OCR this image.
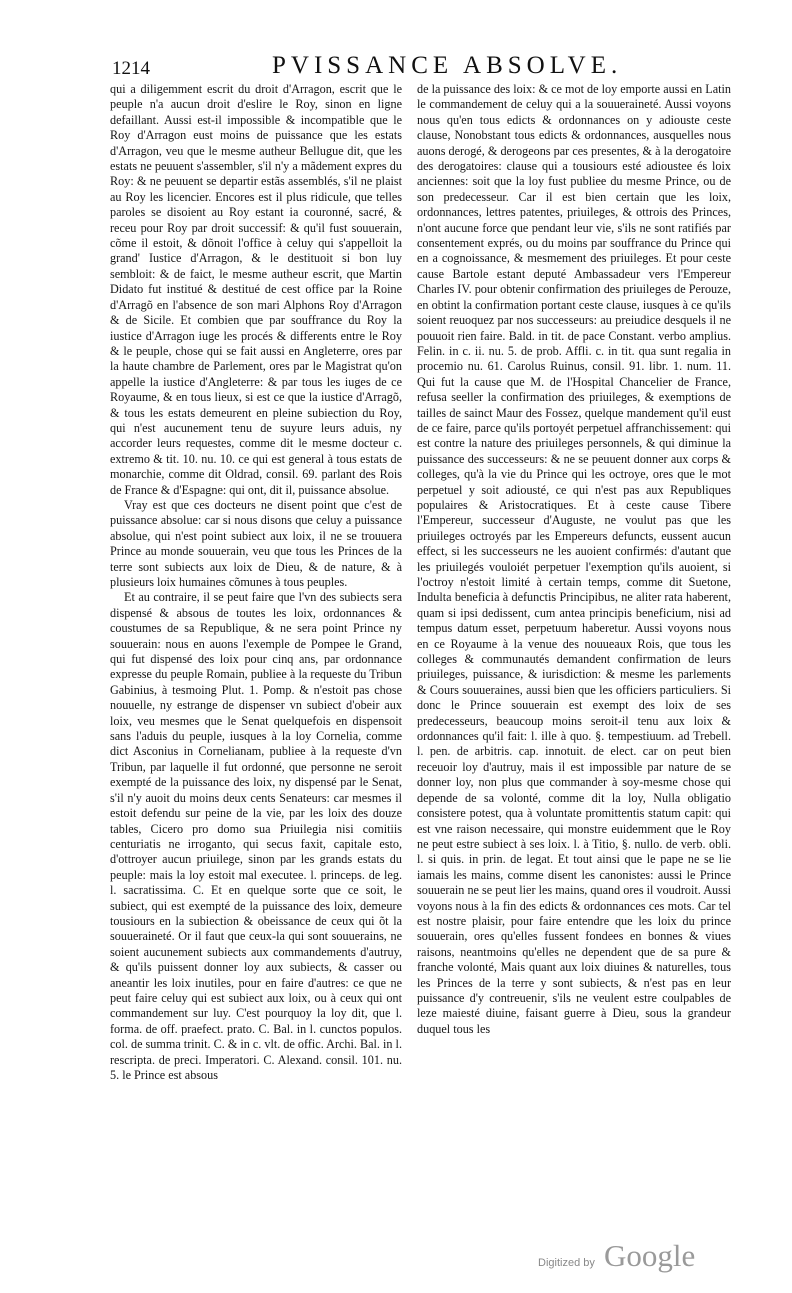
1214	PVISSANCE ABSOLVE.

qui a diligemment escrit du droit d'Arragon, escrit que le peuple n'a aucun droit d'eslire le Roy, sinon en ligne defaillant. Aussi est-il impossible & incompatible que le Roy d'Arragon eust moins de puissance que les estats d'Arragon, veu que le mesme autheur Bellugue dit, que les estats ne peuuent s'assembler, s'il n'y a mãdement expres du Roy: & ne peuuent se departir estãs assemblés, s'il ne plaist au Roy les licencier. Encores est il plus ridicule, que telles paroles se disoient au Roy estant ia couronné, sacré, & receu pour Roy par droit successif: & qu'il fust souuerain, cõme il estoit, & dõnoit l'office à celuy qui s'appelloit la grand' Iustice d'Arragon, & le destituoit si bon luy sembloit: & de faict, le mesme autheur escrit, que Martin Didato fut institué & destitué de cest office par la Roine d'Arragõ en l'absence de son mari Alphons Roy d'Arragon & de Sicile. Et combien que par souffrance du Roy la iustice d'Arragon iuge les procés & differents entre le Roy & le peuple, chose qui se fait aussi en Angleterre, ores par la haute chambre de Parlement, ores par le Magistrat qu'on appelle la iustice d'Angleterre: & par tous les iuges de ce Royaume, & en tous lieux, si est ce que la iustice d'Arragõ, & tous les estats demeurent en pleine subiection du Roy, qui n'est aucunement tenu de suyure leurs aduis, ny accorder leurs requestes, comme dit le mesme docteur c. extremo & tit. 10. nu. 10. ce qui est general à tous estats de monarchie, comme dit Oldrad, consil. 69. parlant des Rois de France & d'Espagne: qui ont, dit il, puissance absolue.

Vray est que ces docteurs ne disent point que c'est de puissance absolue: car si nous disons que celuy a puissance absolue, qui n'est point subiect aux loix, il ne se trouuera Prince au monde souuerain, veu que tous les Princes de la terre sont subiects aux loix de Dieu, & de nature, & à plusieurs loix humaines cõmunes à tous peuples.

Et au contraire, il se peut faire que l'vn des subiects sera dispensé & absous de toutes les loix, ordonnances & coustumes de sa Republique, & ne sera point Prince ny souuerain: nous en auons l'exemple de Pompee le Grand, qui fut dispensé des loix pour cinq ans, par ordonnance expresse du peuple Romain, publiee à la requeste du Tribun Gabinius, à tesmoing Plut. 1. Pomp. & n'estoit pas chose nouuelle, ny estrange de dispenser vn subiect d'obeir aux loix, veu mesmes que le Senat quelquefois en dispensoit sans l'aduis du peuple, iusques à la loy Cornelia, comme dict Asconius in Cornelianam, publiee à la requeste d'vn Tribun, par laquelle il fut ordonné, que personne ne seroit exempté de la puissance des loix, ny dispensé par le Senat, s'il n'y auoit du moins deux cents Senateurs: car mesmes il estoit defendu sur peine de la vie, par les loix des douze tables, Cicero pro domo sua Priuilegia nisi comitiis centuriatis ne irroganto, qui secus faxit, capitale esto, d'ottroyer aucun priuilege, sinon par les grands estats du peuple: mais la loy estoit mal executee. l. princeps. de leg. l. sacratissima. C. Et en quelque sorte que ce soit, le subiect, qui est exempté de la puissance des loix, demeure tousiours en la subiection & obeissance de ceux qui õt la souueraineté. Or il faut que ceux-la qui sont souuerains, ne soient aucunement subiects aux commandements d'autruy, & qu'ils puissent donner loy aux subiects, & casser ou aneantir les loix inutiles, pour en faire d'autres: ce que ne peut faire celuy qui est subiect aux loix, ou à ceux qui ont commandement sur luy. C'est pourquoy la loy dit, que l. forma. de off. praefect. prato. C. Bal. in l. cunctos populos. col. de summa trinit. C. & in c. vlt. de offic. Archi. Bal. in l. rescripta. de preci. Imperatori. C. Alexand. consil. 101. nu. 5. le Prince est absous

de la puissance des loix: & ce mot de loy emporte aussi en Latin le commandement de celuy qui a la souueraineté. Aussi voyons nous qu'en tous edicts & ordonnances on y adiouste ceste clause, Nonobstant tous edicts & ordonnances, ausquelles nous auons derogé, & derogeons par ces presentes, & à la derogatoire des derogatoires: clause qui a tousiours esté adioustee és loix anciennes: soit que la loy fust publiee du mesme Prince, ou de son predecesseur. Car il est bien certain que les loix, ordonnances, lettres patentes, priuileges, & ottrois des Princes, n'ont aucune force que pendant leur vie, s'ils ne sont ratifiés par consentement exprés, ou du moins par souffrance du Prince qui en a cognoissance, & mesmement des priuileges. Et pour ceste cause Bartole estant deputé Ambassadeur vers l'Empereur Charles IV. pour obtenir confirmation des priuileges de Perouze, en obtint la confirmation portant ceste clause, iusques à ce qu'ils soient reuoquez par nos successeurs: au preiudice desquels il ne pouuoit rien faire. Bald. in tit. de pace Constant. verbo amplius. Felin. in c. ii. nu. 5. de prob. Affli. c. in tit. qua sunt regalia in procemio nu. 61. Carolus Ruinus, consil. 91. libr. 1. num. 11. Qui fut la cause que M. de l'Hospital Chancelier de France, refusa seeller la confirmation des priuileges, & exemptions de tailles de sainct Maur des Fossez, quelque mandement qu'il eust de ce faire, parce qu'ils portoyét perpetuel affranchissement: qui est contre la nature des priuileges personnels, & qui diminue la puissance des successeurs: & ne se peuuent donner aux corps & colleges, qu'à la vie du Prince qui les octroye, ores que le mot perpetuel y soit adiousté, ce qui n'est pas aux Republiques populaires & Aristocratiques. Et à ceste cause Tibere l'Empereur, successeur d'Auguste, ne voulut pas que les priuileges octroyés par les Empereurs defuncts, eussent aucun effect, si les successeurs ne les auoient confirmés: d'autant que les priuilegés vouloiét perpetuer l'exemption qu'ils auoient, si l'octroy n'estoit limité à certain temps, comme dit Suetone, Indulta beneficia à defunctis Principibus, ne aliter rata haberent, quam si ipsi dedissent, cum antea principis beneficium, nisi ad tempus datum esset, perpetuum haberetur. Aussi voyons nous en ce Royaume à la venue des nouueaux Rois, que tous les colleges & communautés demandent confirmation de leurs priuileges, puissance, & iurisdiction: & mesme les parlements & Cours souueraines, aussi bien que les officiers particuliers. Si donc le Prince souuerain est exempt des loix de ses predecesseurs, beaucoup moins seroit-il tenu aux loix & ordonnances qu'il fait: l. ille à quo. §. tempestiuum. ad Trebell. l. pen. de arbitris. cap. innotuit. de elect. car on peut bien receuoir loy d'autruy, mais il est impossible par nature de se donner loy, non plus que commander à soy-mesme chose qui depende de sa volonté, comme dit la loy, Nulla obligatio consistere potest, qua à voluntate promittentis statum capit: qui est vne raison necessaire, qui monstre euidemment que le Roy ne peut estre subiect à ses loix. l. à Titio, §. nullo. de verb. obli. l. si quis. in prin. de legat. Et tout ainsi que le pape ne se lie iamais les mains, comme disent les canonistes: aussi le Prince souuerain ne se peut lier les mains, quand ores il voudroit. Aussi voyons nous à la fin des edicts & ordonnances ces mots. Car tel est nostre plaisir, pour faire entendre que les loix du prince souuerain, ores qu'elles fussent fondees en bonnes & viues raisons, neantmoins qu'elles ne dependent que de sa pure & franche volonté, Mais quant aux loix diuines & naturelles, tous les Princes de la terre y sont subiects, & n'est pas en leur puissance d'y contreuenir, s'ils ne veulent estre coulpables de leze maiesté diuine, faisant guerre à Dieu, sous la grandeur duquel tous les

Digitized by Google
